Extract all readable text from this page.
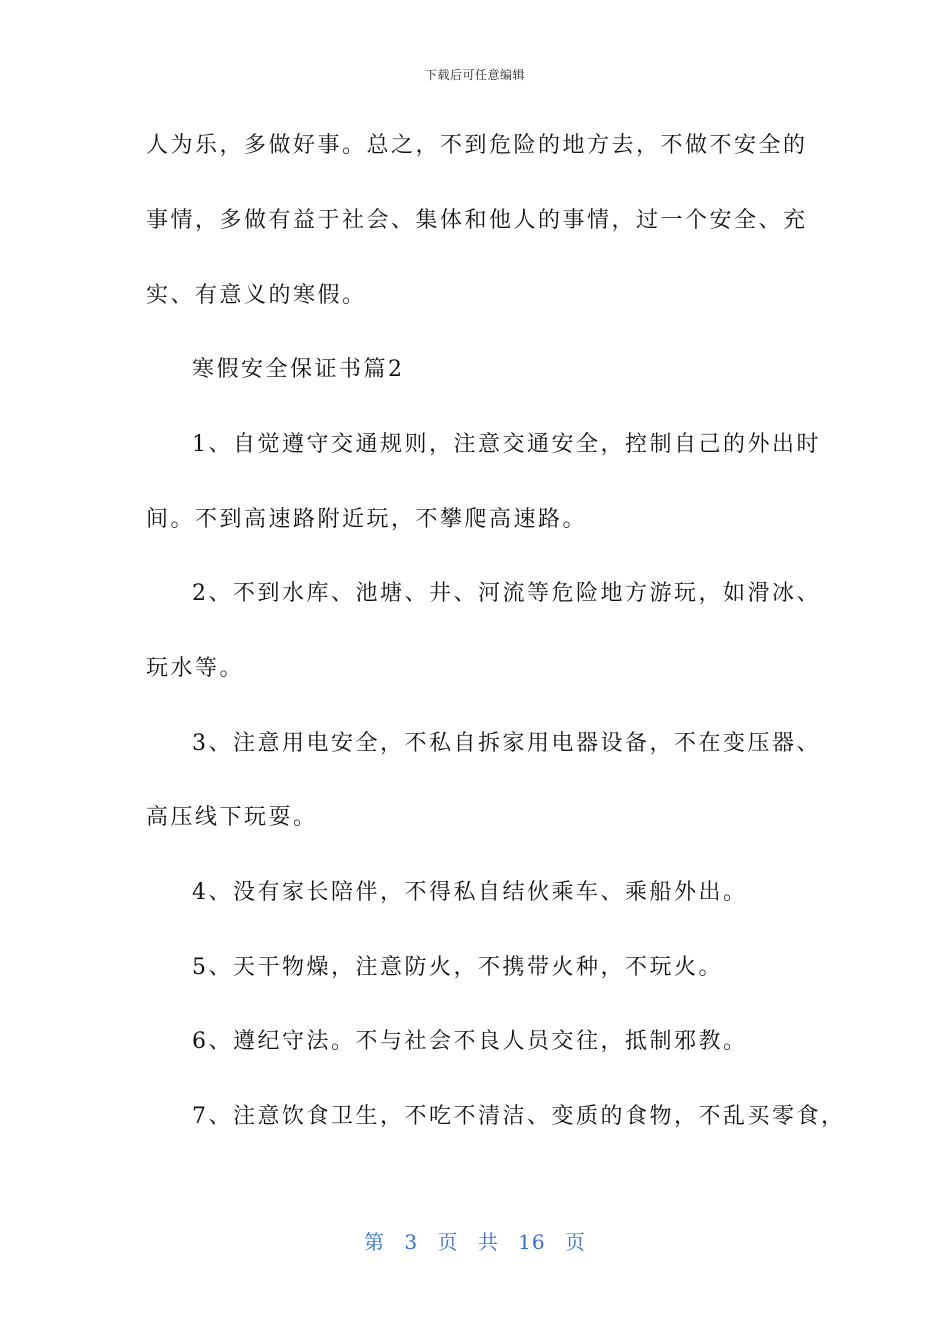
下载后可任意编辑
人为乐，多做好事。总之，不到危险的地方去，不做不安全的
事情，多做有益于社会、集体和他人的事情，过一个安全、充
实、有意义的寒假。
寒假安全保证书篇2
1、自觉遵守交通规则，注意交通安全，控制自己的外出时
间。不到高速路附近玩，不攀爬高速路。
2、不到水库、池塘、井、河流等危险地方游玩，如滑冰、
玩水等。
3、注意用电安全，不私自拆家用电器设备，不在变压器、
高压线下玩耍。
4、没有家长陪伴，不得私自结伙乘车、乘船外出。
5、天干物燥，注意防火，不携带火种，不玩火。
6、遵纪守法。不与社会不良人员交往，抵制邪教。
7、注意饮食卫生，不吃不清洁、变质的食物，不乱买零食，
第 3 页 共 16 页
